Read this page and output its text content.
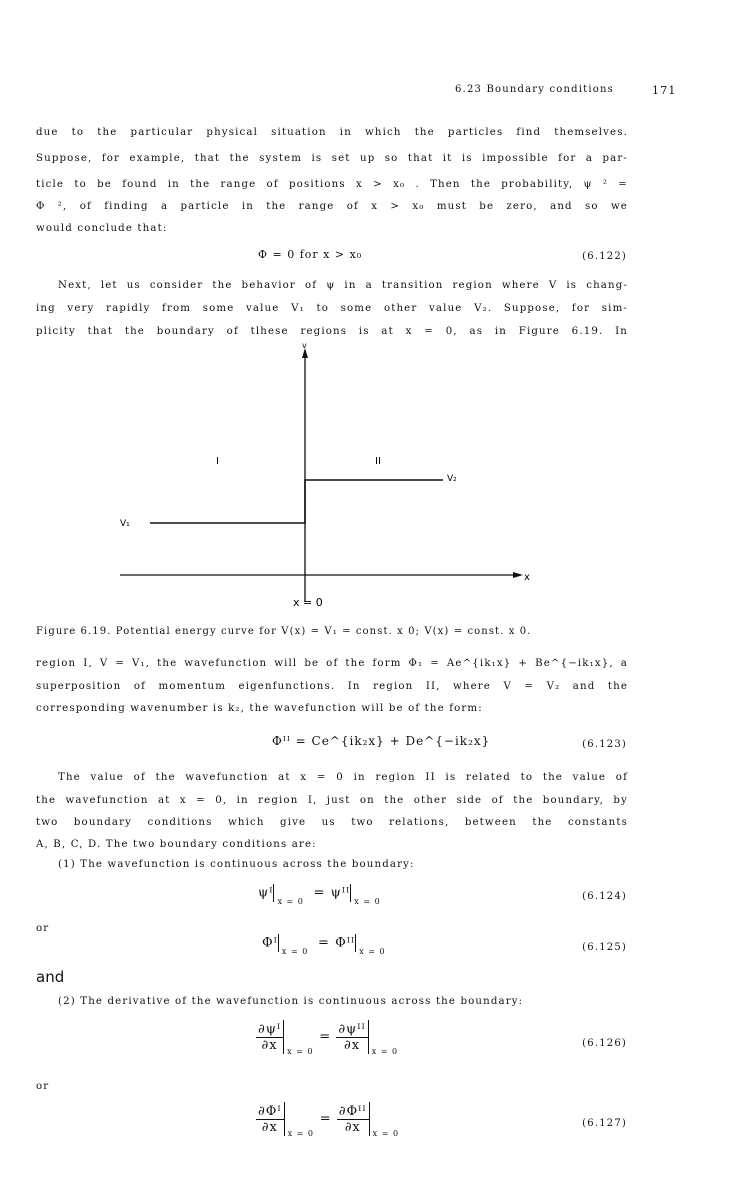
6.23 Boundary conditions	171
due to the particular physical situation in which the particles find themselves.
Suppose, for example, that the system is set up so that it is impossible for a par-
ticle to be found in the range of positions x > x₀ . Then the probability, ψ ² =
Φ ², of finding a particle in the range of x > x₀ must be zero, and so we
would conclude that:
Φ = 0 for x > x₀	(6.122)
Next, let us consider the behavior of ψ in a transition region where V is chang-
ing very rapidly from some value V₁ to some other value V₂. Suppose, for sim-
plicity that the boundary of tlhese regions is at x = 0, as in Figure 6.19. In
v
x
I	II
V₁
V₂
x = 0
Figure 6.19. Potential energy curve for V(x) = V₁ = const. x 0; V(x) = const. x 0.
region I, V = V₁, the wavefunction will be of the form Φ₁ = Ae^{ik₁x} + Be^{−ik₁x}, a
superposition of momentum eigenfunctions. In region II, where V = V₂ and the
corresponding wavenumber is k₂, the wavefunction will be of the form:
Φᴵᴵ = Ce^{ik₂x} + De^{−ik₂x}	(6.123)
The value of the wavefunction at x = 0 in region II is related to the value of
the wavefunction at x = 0, in region I, just on the other side of the boundary, by
two boundary conditions which give us two relations, between the constants
A, B, C, D. The two boundary conditions are:
(1) The wavefunction is continuous across the boundary:
ψᴵ
x = 0
= ψᴵᴵ
x = 0	(6.124)
or
Φᴵ
x = 0
= Φᴵᴵ
x = 0	(6.125)
and
(2) The derivative of the wavefunction is continuous across the boundary:
$\frac{\text{∂ψᴵ}}{\partial x}$ x = 0
= $\frac{\text{∂ψᴵᴵ}}{\partial x}$ x = 0
(6.126)
or
$\frac{\text{∂Φᴵ}}{\partial x}$ x = 0
= $\frac{\text{∂Φᴵᴵ}}{\partial x}$ x = 0
(6.127)
